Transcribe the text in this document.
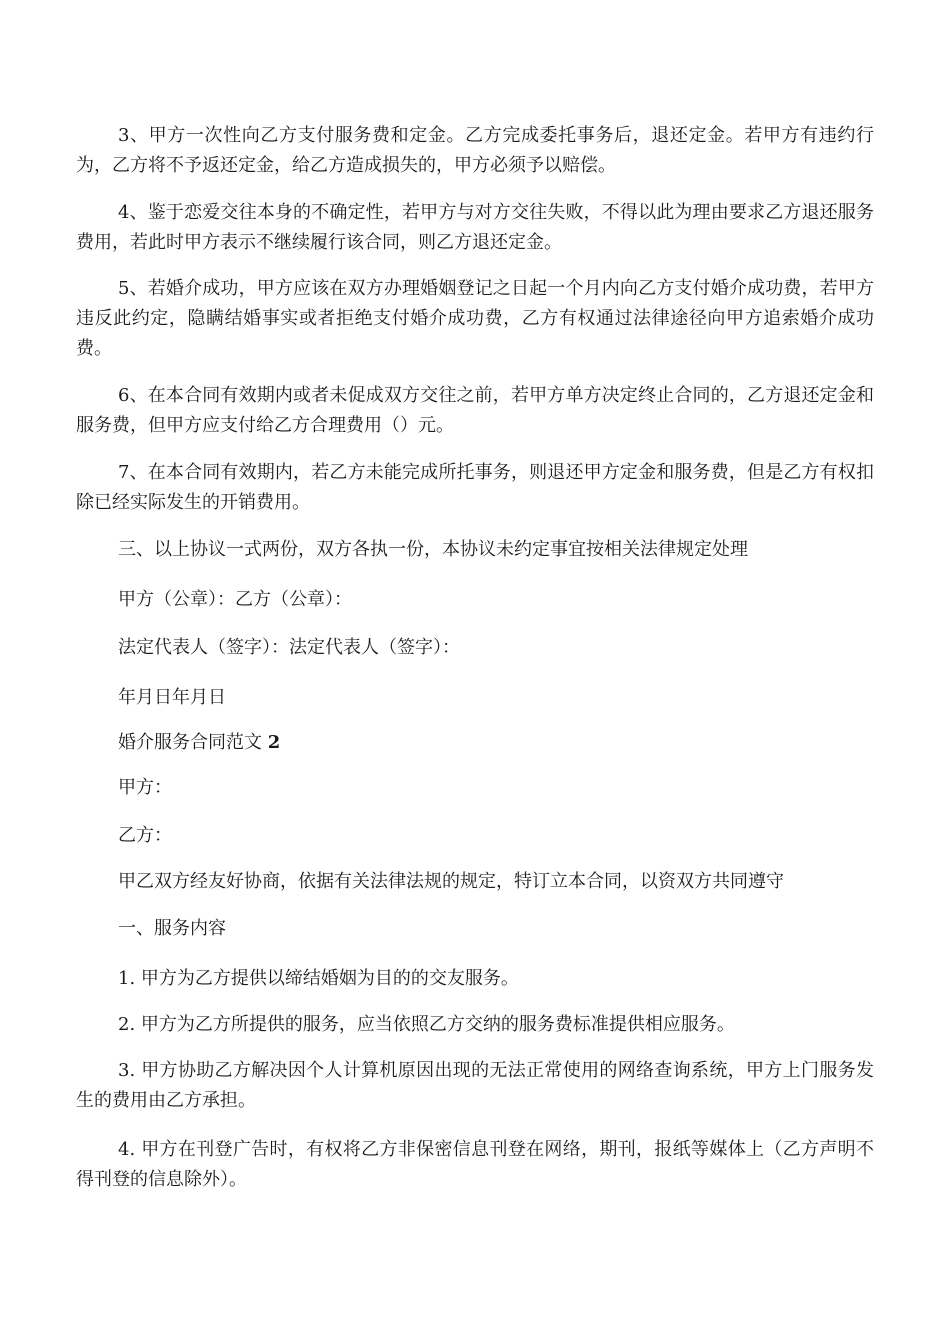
3、甲方一次性向乙方支付服务费和定金。乙方完成委托事务后，退还定金。若甲方有违约行为，乙方将不予返还定金，给乙方造成损失的，甲方必须予以赔偿。

4、鉴于恋爱交往本身的不确定性，若甲方与对方交往失败，不得以此为理由要求乙方退还服务费用，若此时甲方表示不继续履行该合同，则乙方退还定金。

5、若婚介成功，甲方应该在双方办理婚姻登记之日起一个月内向乙方支付婚介成功费，若甲方违反此约定，隐瞒结婚事实或者拒绝支付婚介成功费，乙方有权通过法律途径向甲方追索婚介成功费。

6、在本合同有效期内或者未促成双方交往之前，若甲方单方决定终止合同的，乙方退还定金和服务费，但甲方应支付给乙方合理费用（）元。

7、在本合同有效期内，若乙方未能完成所托事务，则退还甲方定金和服务费，但是乙方有权扣除已经实际发生的开销费用。

三、以上协议一式两份，双方各执一份，本协议未约定事宜按相关法律规定处理

甲方（公章）：乙方（公章）：

法定代表人（签字）：法定代表人（签字）：

年月日年月日

婚介服务合同范文 2

甲方：

乙方：

甲乙双方经友好协商，依据有关法律法规的规定，特订立本合同，以资双方共同遵守

一、服务内容

1. 甲方为乙方提供以缔结婚姻为目的的交友服务。

2. 甲方为乙方所提供的服务，应当依照乙方交纳的服务费标准提供相应服务。

3. 甲方协助乙方解决因个人计算机原因出现的无法正常使用的网络查询系统，甲方上门服务发生的费用由乙方承担。

4. 甲方在刊登广告时，有权将乙方非保密信息刊登在网络，期刊，报纸等媒体上（乙方声明不得刊登的信息除外）。
